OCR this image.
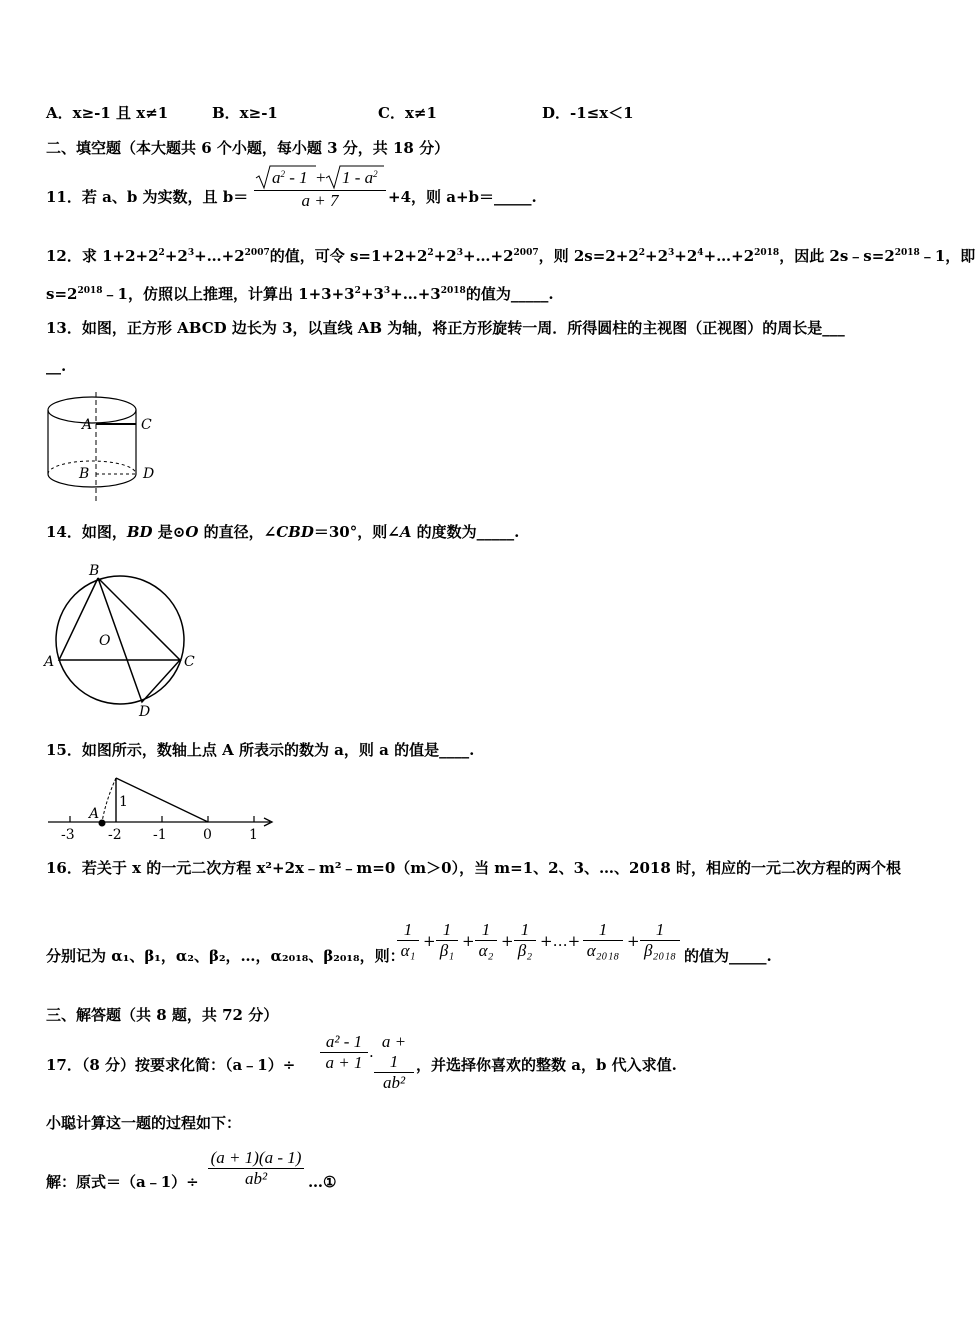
A．x≥-1 且 x≠1	B．x≥-1	C．x≠1	D．-1≤x＜1
二、填空题（本大题共 6 个小题，每小题 3 分，共 18 分）
11．若 a、b 为实数，且 $b= \frac{a^2 - 1 + 1 - a^2}{a + 7} +4$，则 a+b＝_____.
12．求 $1+2+2^2+2^3+\dots+2^{2007}$的值，可令 $s=1+2+2^2+2^3+\dots+2^{2007}$，则 $2s=2+2^2+2^3+2^4+\dots+2^{2018}$，因此 $2s﹣s=2^{2018}﹣1$，即
$s=2^{2018}﹣1$，仿照以上推理，计算出 $1+3+3^2+3^3+\dots+3^{2018}$的值为_____.
13．如图，正方形 ABCD 边长为 3，以直线 AB 为轴，将正方形旋转一周．所得圆柱的主视图（正视图）的周长是___
__.
A	C
B	D
14．如图，BD 是⊙O 的直径，∠CBD＝30°，则∠A 的度数为_____.
B
A	C
D
O
15．如图所示，数轴上点 A 所表示的数为 a，则 a 的值是____.
A
1
-3 -2 -1	0	1
16．若关于 x 的一元二次方程 x²+2x﹣m²﹣m=0（m＞0），当 m=1、2、3、…、2018 时，相应的一元二次方程的两个根
分别记为 α₁、β₁，α₂、β₂，…，α₂₀₁₈、β₂₀₁₈，则：
$\frac{1}{\text{α₁}} + \frac{1}{\text{β₁}} + \frac{1}{\text{α₂}} + \frac{1}{\text{β₂}}$ +…+ $\frac{1}{\text{α₂₀₁₈}} + \frac{1}{\text{β₂₀₁₈}}$ 的值为_____.
三、解答题（共 8 题，共 72 分）
17．（8 分）按要求化简：（a﹣1）÷ $\frac{\text{a² - 1}}{a + 1} \cdot \frac{a + 1}{\text{ab²}}$ ，并选择你喜欢的整数 a，b 代入求值.
小聪计算这一题的过程如下：
解：原式＝（a﹣1）÷ $\frac{(a + 1)(a - 1)}{\text{ab²}}$ …①
